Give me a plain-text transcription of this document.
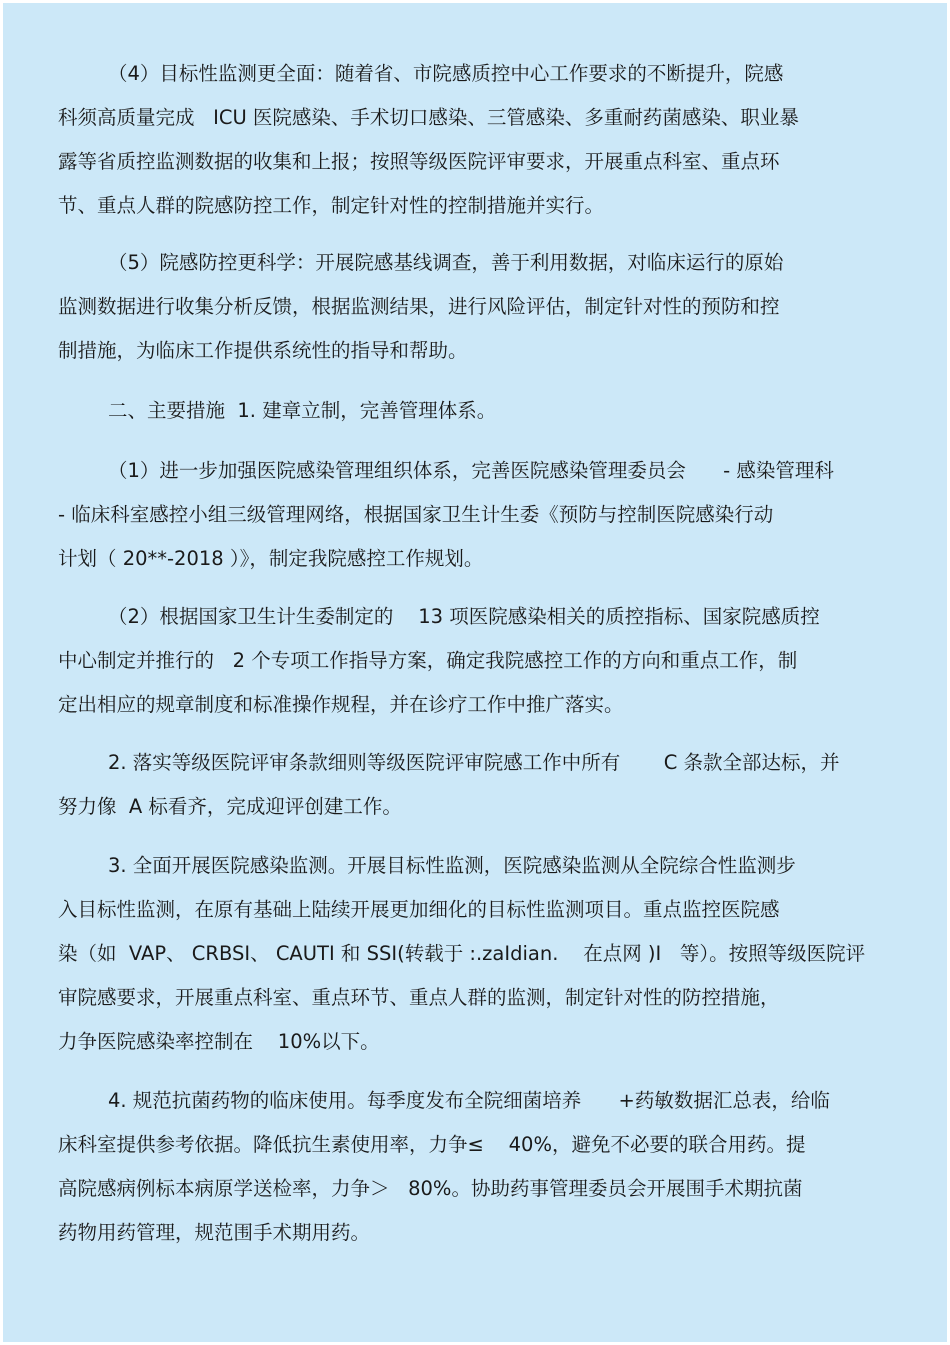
（4）目标性监测更全面：随着省、市院感质控中心工作要求的不断提升，院感
科须高质量完成   ICU 医院感染、手术切口感染、三管感染、多重耐药菌感染、职业暴
露等省质控监测数据的收集和上报；按照等级医院评审要求，开展重点科室、重点环
节、重点人群的院感防控工作，制定针对性的控制措施并实行。
（5）院感防控更科学：开展院感基线调查，善于利用数据，对临床运行的原始
监测数据进行收集分析反馈，根据监测结果，进行风险评估，制定针对性的预防和控
制措施，为临床工作提供系统性的指导和帮助。
二、主要措施  1. 建章立制，完善管理体系。
（1）进一步加强医院感染管理组织体系，完善医院感染管理委员会      - 感染管理科
- 临床科室感控小组三级管理网络，根据国家卫生计生委《预防与控制医院感染行动
计划（ 20**-2018 ）》，制定我院感控工作规划。
（2）根据国家卫生计生委制定的    13 项医院感染相关的质控指标、国家院感质控
中心制定并推行的   2 个专项工作指导方案，确定我院感控工作的方向和重点工作，制
定出相应的规章制度和标准操作规程，并在诊疗工作中推广落实。
2. 落实等级医院评审条款细则等级医院评审院感工作中所有       C 条款全部达标，并
努力像  A 标看齐，完成迎评创建工作。
3. 全面开展医院感染监测。开展目标性监测，医院感染监测从全院综合性监测步
入目标性监测，在原有基础上陆续开展更加细化的目标性监测项目。重点监控医院感
染（如  VAP、 CRBSI、 CAUTI 和 SSI(转载于 :.zaIdian.    在点网 )I   等）。按照等级医院评
审院感要求，开展重点科室、重点环节、重点人群的监测，制定针对性的防控措施，
力争医院感染率控制在    10%以下。
4. 规范抗菌药物的临床使用。每季度发布全院细菌培养      +药敏数据汇总表，给临
床科室提供参考依据。降低抗生素使用率，力争≤    40%，避免不必要的联合用药。提
高院感病例标本病原学送检率，力争＞   80%。协助药事管理委员会开展围手术期抗菌
药物用药管理，规范围手术期用药。
